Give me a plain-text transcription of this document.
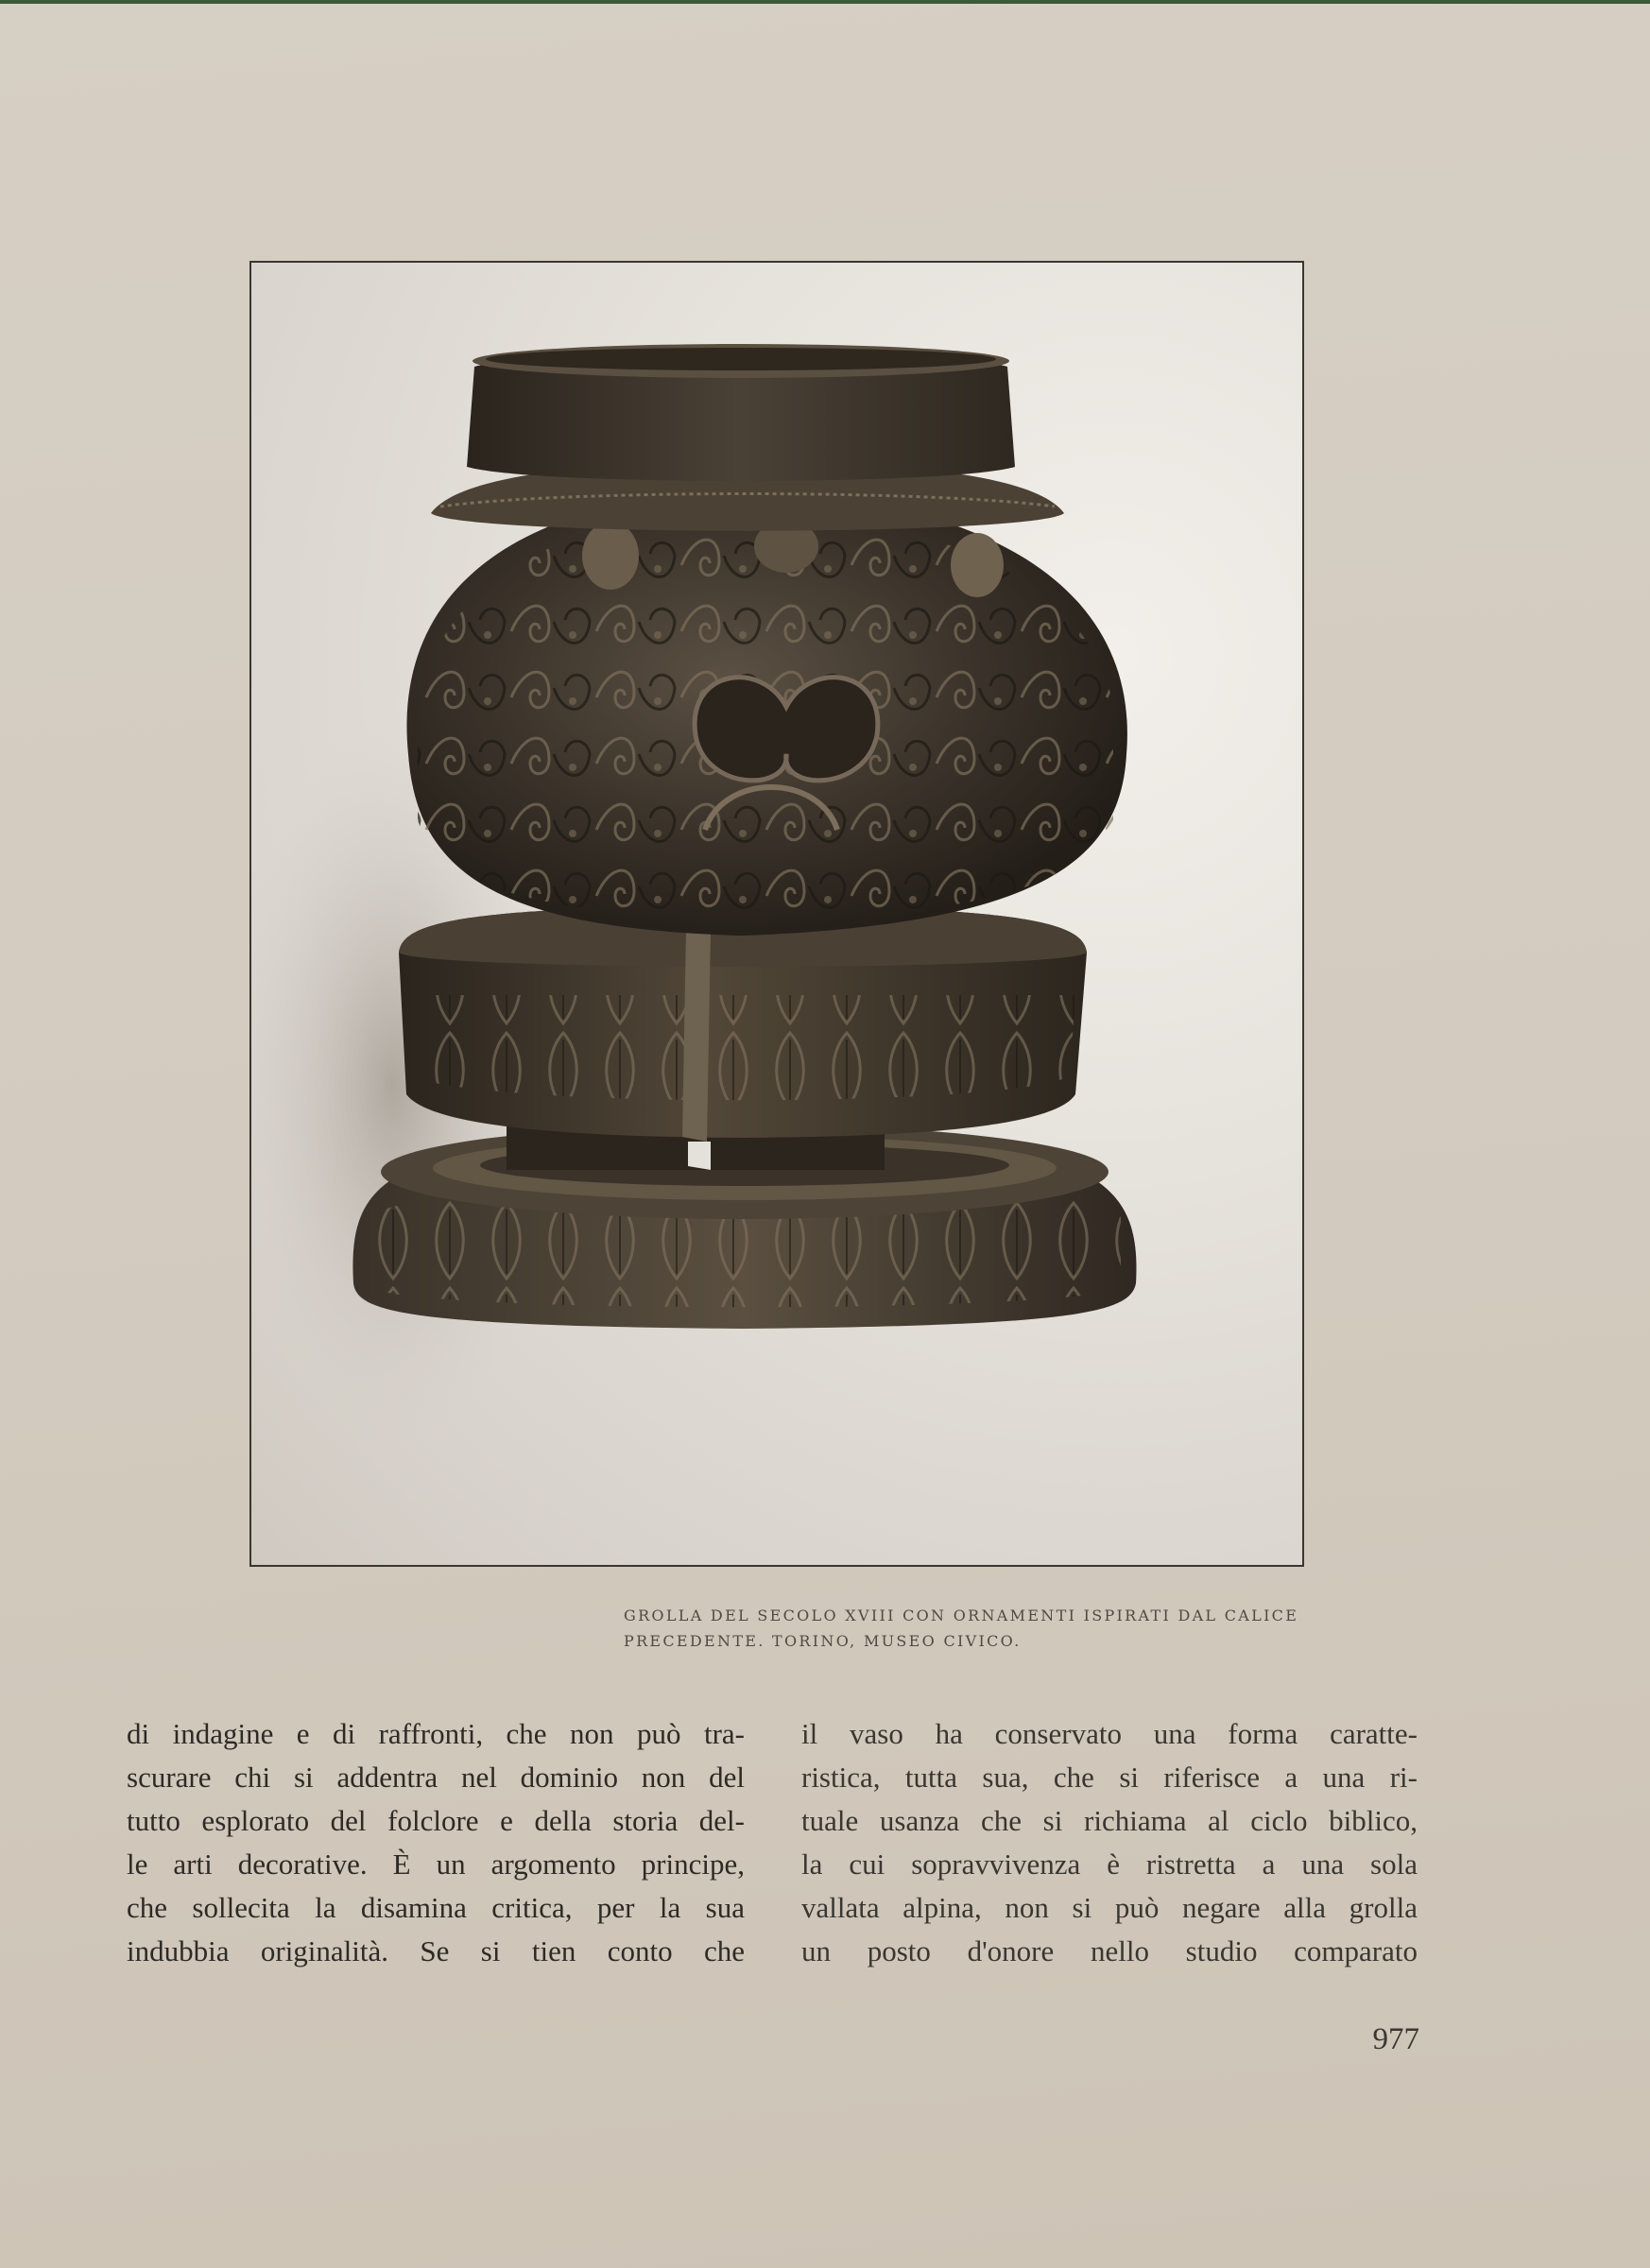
GROLLA DEL SECOLO XVIII CON ORNAMENTI ISPIRATI DAL CALICE
PRECEDENTE. TORINO, MUSEO CIVICO.
di indagine e di raffronti, che non può tra-
scurare chi si addentra nel dominio non del
tutto esplorato del folclore e della storia del-
le arti decorative. È un argomento principe,
che sollecita la disamina critica, per la sua
indubbia originalità. Se si tien conto che
il vaso ha conservato una forma caratte-
ristica, tutta sua, che si riferisce a una ri-
tuale usanza che si richiama al ciclo biblico,
la cui sopravvivenza è ristretta a una sola
vallata alpina, non si può negare alla grolla
un posto d'onore nello studio comparato
977
